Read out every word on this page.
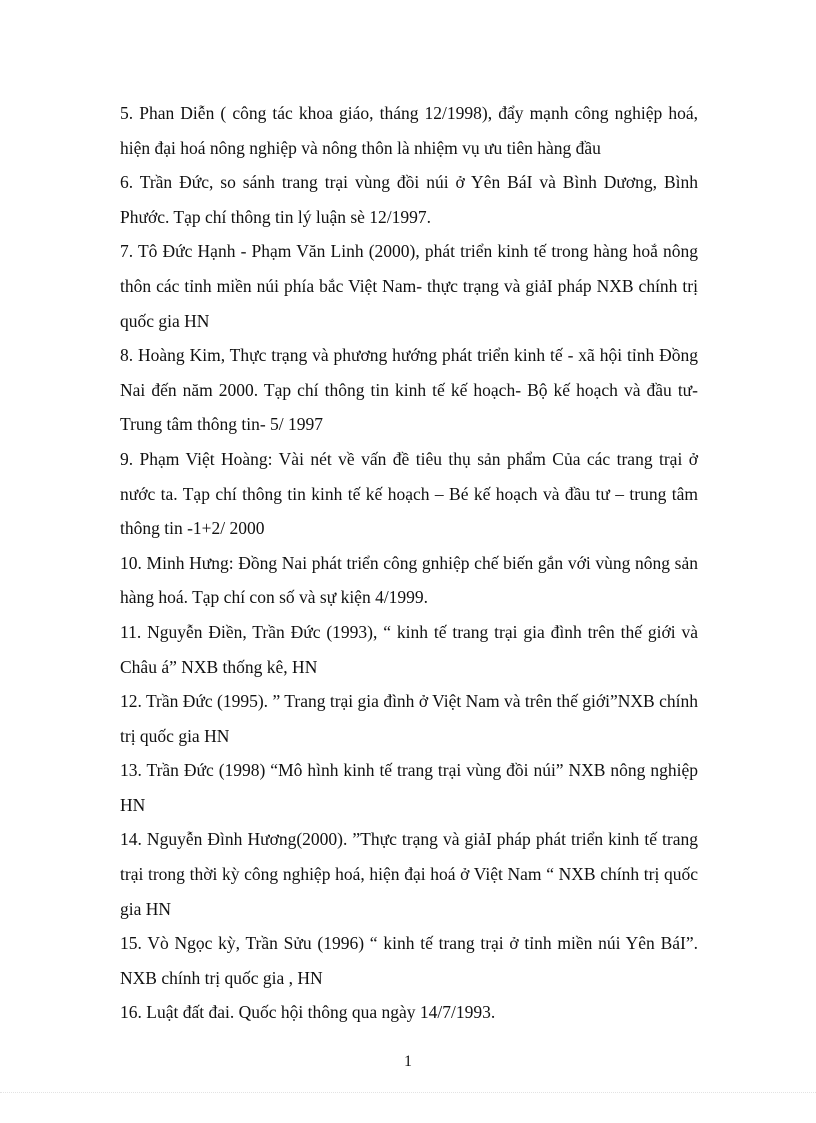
5. Phan Diễn ( công tác khoa giáo, tháng 12/1998), đẩy mạnh công nghiệp hoá, hiện đại hoá nông nghiệp và nông thôn là nhiệm vụ ưu tiên hàng đầu
6. Trần Đức, so sánh trang trại vùng đồi núi ở Yên BáI và Bình Dương, Bình Phước. Tạp chí thông tin lý luận sè 12/1997.
7. Tô Đức Hạnh - Phạm Văn Linh (2000), phát triển kinh tế trong hàng hoắ nông thôn các tỉnh miền núi phía bắc Việt Nam- thực trạng và giảI pháp NXB chính trị quốc gia HN
8. Hoàng Kim, Thực trạng và phương hướng phát triển kinh tế - xã hội tỉnh Đồng Nai đến năm 2000. Tạp chí thông tin kinh tế kế hoạch- Bộ kế hoạch và đầu tư- Trung tâm thông tin- 5/ 1997
9. Phạm Việt Hoàng: Vài nét về vấn đề tiêu thụ sản phẩm Của các trang trại ở nước ta. Tạp chí thông tin kinh tế kế hoạch – Bé kế hoạch và đầu tư – trung tâm thông tin -1+2/ 2000
10. Minh Hưng: Đồng Nai phát triển công gnhiệp chế biến gắn với vùng nông sản hàng hoá. Tạp chí con số và sự kiện 4/1999.
11. Nguyễn Điền, Trần Đức (1993), “ kinh tế trang trại gia đình trên thế giới và Châu á” NXB thống kê, HN
12. Trần Đức (1995). ” Trang trại gia đình ở Việt Nam và trên thế giới”NXB chính trị quốc gia HN
13. Trần Đức (1998) “Mô hình kinh tế trang trại vùng đồi núi” NXB nông nghiệp HN
14. Nguyễn Đình Hương(2000). ”Thực trạng và giảI pháp phát triển kinh tế trang trại trong thời kỳ công nghiệp hoá, hiện đại hoá ở Việt Nam “ NXB chính trị quốc gia HN
15. Vò Ngọc kỳ, Trần Sửu (1996) “ kinh tế trang trại ở tỉnh miền núi Yên BáI”. NXB chính trị quốc gia , HN
16. Luật đất đai. Quốc hội thông qua ngày 14/7/1993.
1
